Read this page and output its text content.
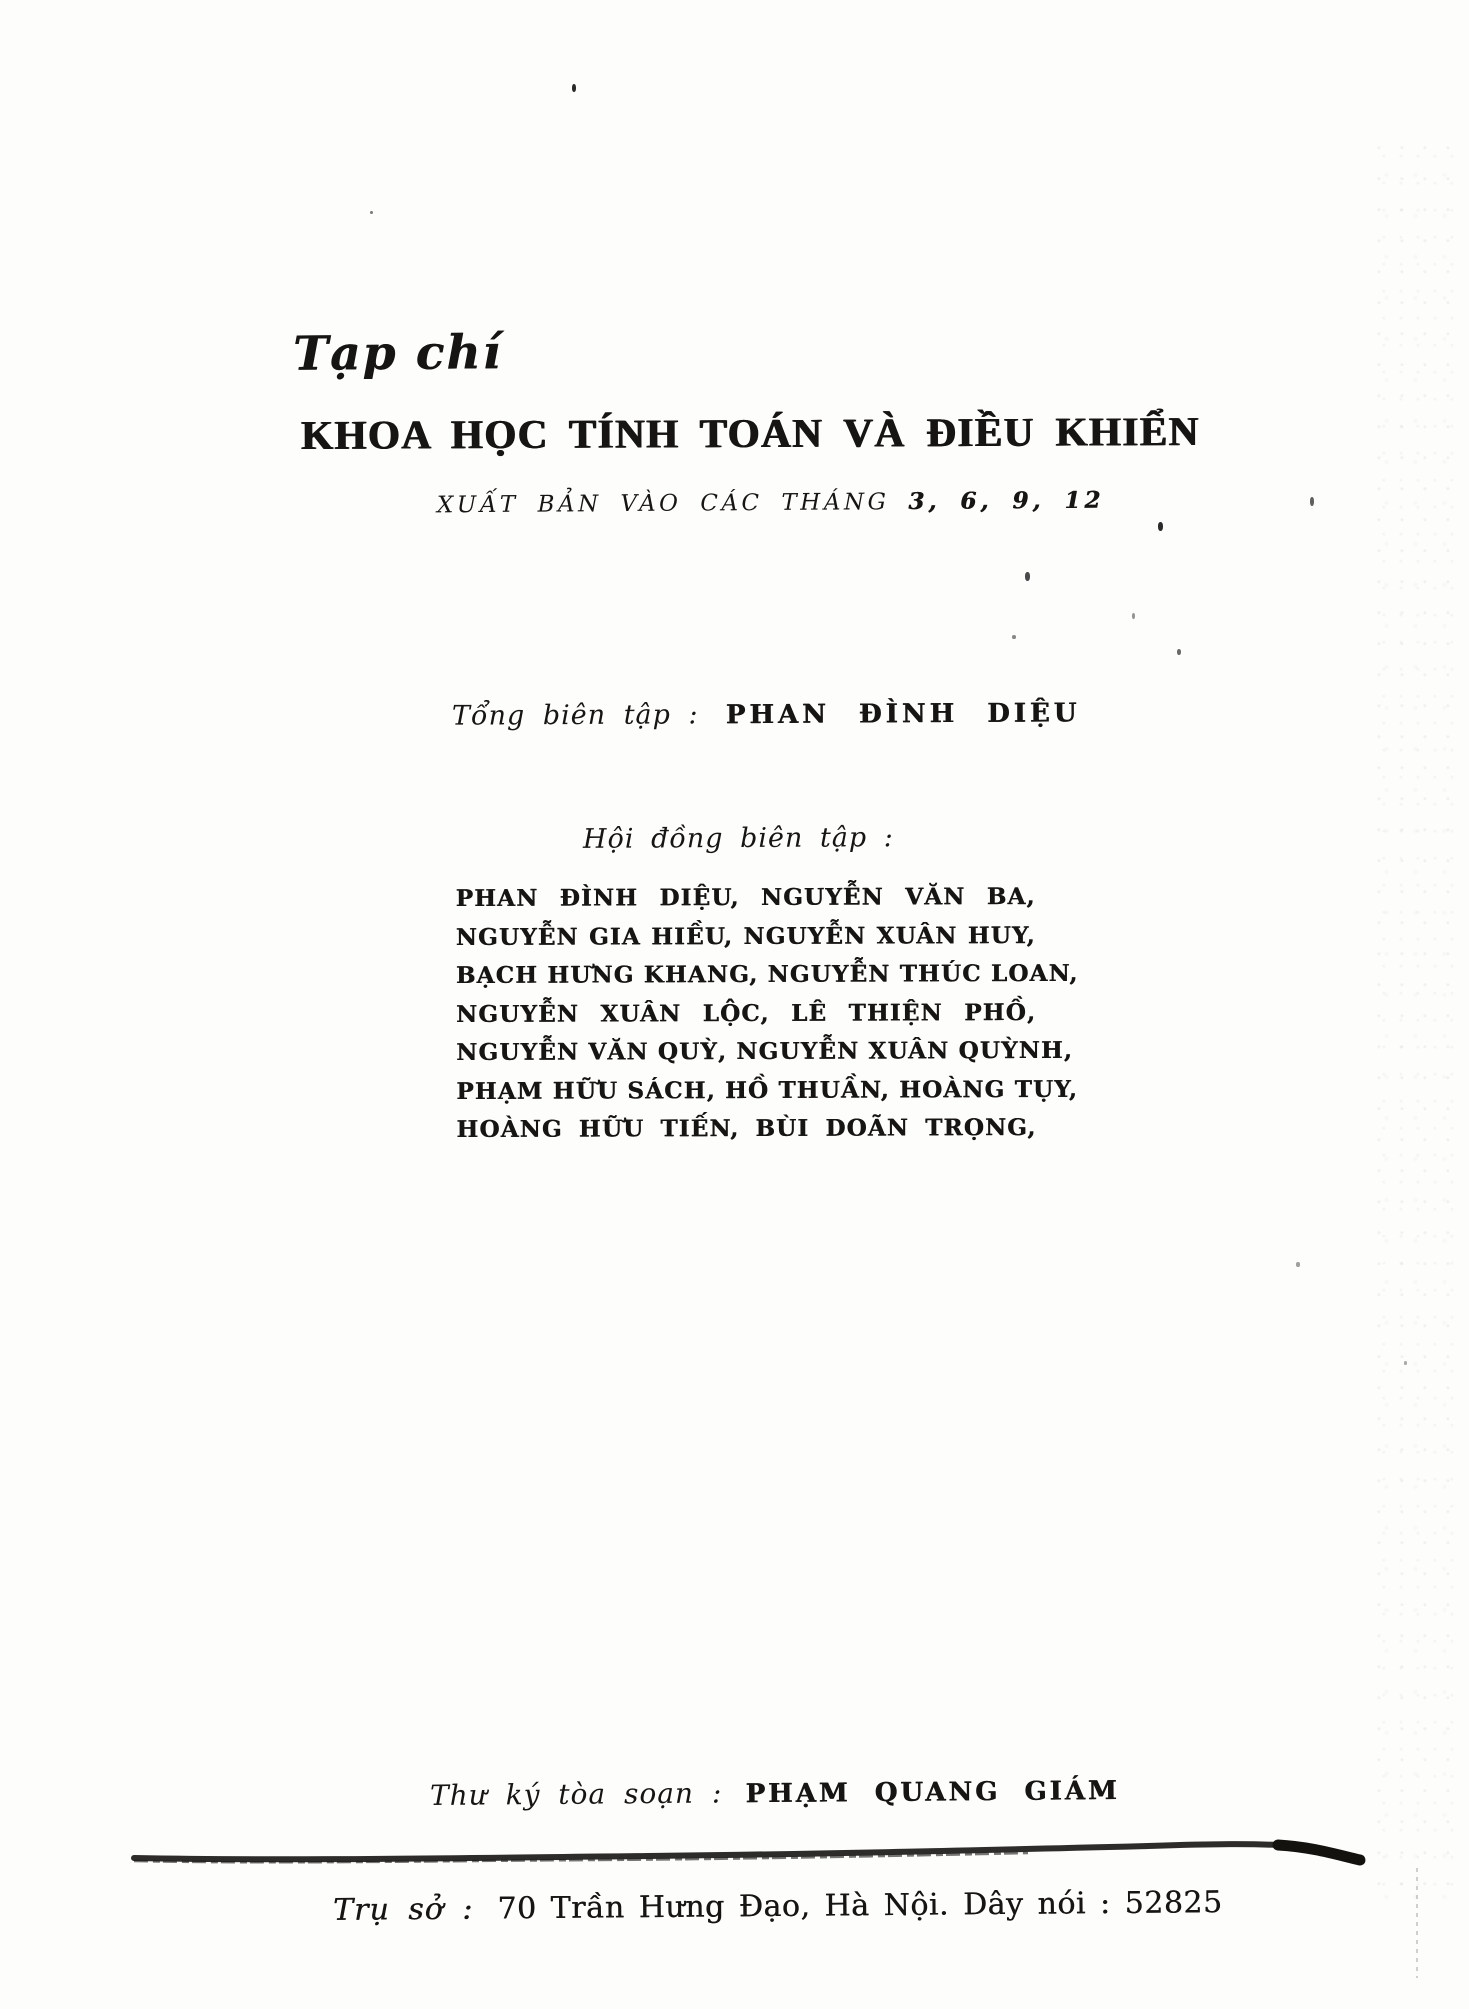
Tạp chí
KHOA HỌC TÍNH TOÁN VÀ ĐIỀU KHIỂN
XUẤT BẢN VÀO CÁC THÁNG 3, 6, 9, 12
Tổng biên tập : PHAN ĐÌNH DIỆU
Hội đồng biên tập :
PHAN ĐÌNH DIỆU, NGUYỄN VĂN BA,
NGUYỄN GIA HIỀU, NGUYỄN XUÂN HUY,
BẠCH HƯNG KHANG, NGUYỄN THÚC LOAN,
NGUYỄN XUÂN LỘC, LÊ THIỆN PHỒ,
NGUYỄN VĂN QUỲ, NGUYỄN XUÂN QUỲNH,
PHẠM HỮU SÁCH, HỒ THUẦN, HOÀNG TỤY,
HOÀNG HỮU TIẾN, BÙI DOÃN TRỌNG,
Thư ký tòa soạn : PHẠM QUANG GIÁM
Trụ sở : 70 Trần Hưng Đạo, Hà Nội. Dây nói : 52825
